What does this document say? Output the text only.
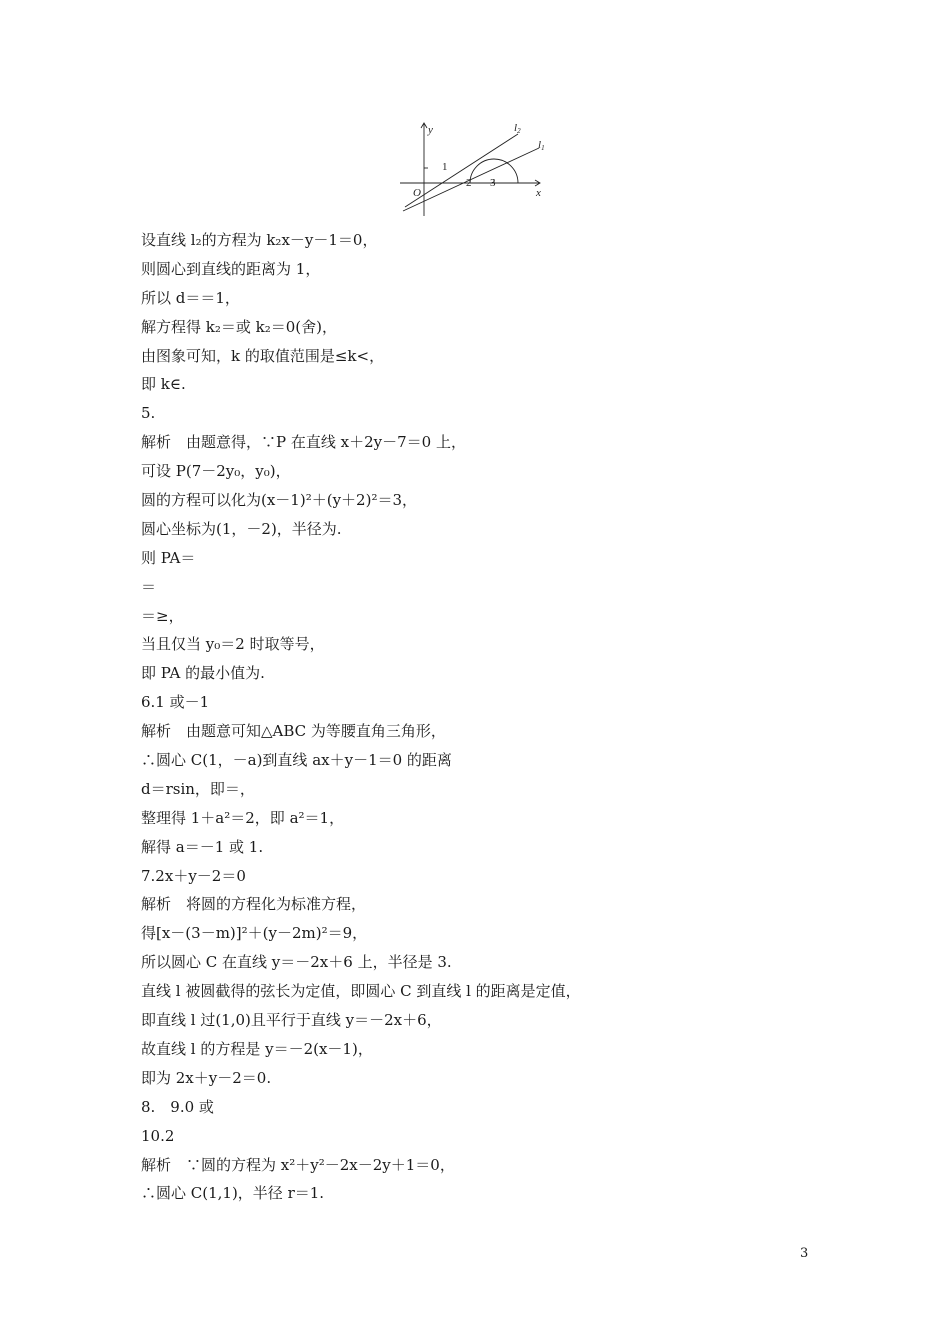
y
x
O
1
2 3
l2
l1
设直线 l₂的方程为 k₂x－y－1＝0，
则圆心到直线的距离为 1，
所以 d＝＝1，
解方程得 k₂＝或 k₂＝0(舍)，
由图象可知，k 的取值范围是≤k<，
即 k∈.
5.
解析　由题意得，∵P 在直线 x＋2y－7＝0 上，
可设 P(7－2y₀，y₀)，
圆的方程可以化为(x－1)²＋(y＋2)²＝3，
圆心坐标为(1，－2)，半径为.
则 PA＝
＝
＝≥，
当且仅当 y₀＝2 时取等号，
即 PA 的最小值为.
6.1 或－1
解析　由题意可知△ABC 为等腰直角三角形，
∴圆心 C(1，－a)到直线 ax＋y－1＝0 的距离
d＝rsin，即＝，
整理得 1＋a²＝2，即 a²＝1，
解得 a＝－1 或 1.
7.2x＋y－2＝0
解析　将圆的方程化为标准方程，
得[x－(3－m)]²＋(y－2m)²＝9，
所以圆心 C 在直线 y＝－2x＋6 上，半径是 3.
直线 l 被圆截得的弦长为定值，即圆心 C 到直线 l 的距离是定值，
即直线 l 过(1,0)且平行于直线 y＝－2x＋6，
故直线 l 的方程是 y＝－2(x－1)，
即为 2x＋y－2＝0.
8.　9.0 或
10.2
解析　∵圆的方程为 x²＋y²－2x－2y＋1＝0，
∴圆心 C(1,1)，半径 r＝1.
3
